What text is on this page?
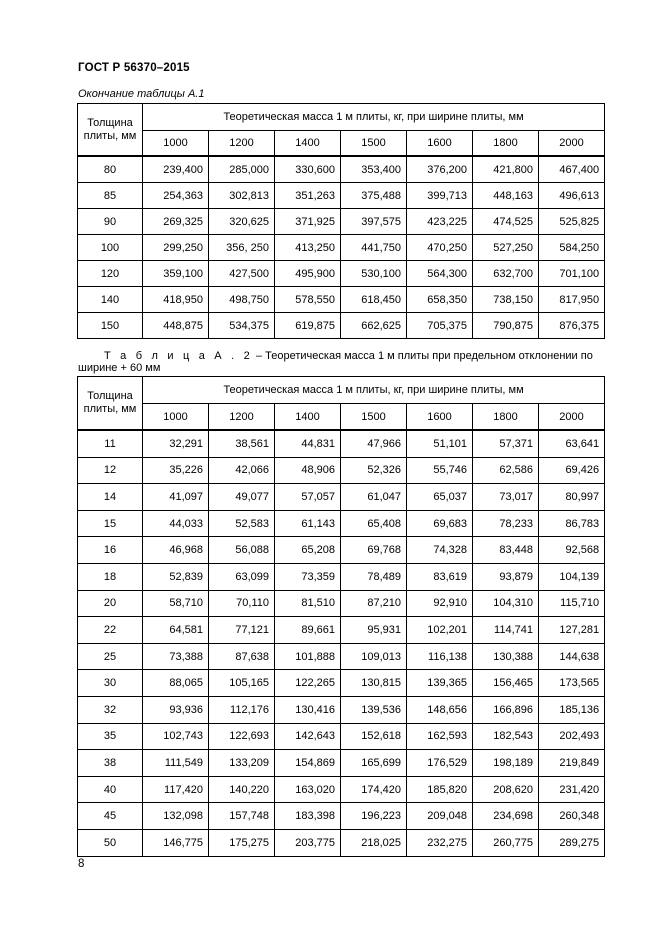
ГОСТ Р 56370–2015
Окончание таблицы А.1
Толщина плиты, мм	Теоретическая масса 1 м плиты, кг, при ширине плиты, мм						
	1000	1200	1400	1500	1600	1800	2000
80	239,400	285,000	330,600	353,400	376,200	421,800	467,400
85	254,363	302,813	351,263	375,488	399,713	448,163	496,613
90	269,325	320,625	371,925	397,575	423,225	474,525	525,825
100	299,250	356, 250	413,250	441,750	470,250	527,250	584,250
120	359,100	427,500	495,900	530,100	564,300	632,700	701,100
140	418,950	498,750	578,550	618,450	658,350	738,150	817,950
150	448,875	534,375	619,875	662,625	705,375	790,875	876,375
Т а б л и ц а А . 2 – Теоретическая масса 1 м плиты при предельном отклонении по ширине + 60 мм
Толщина плиты, мм	Теоретическая масса 1 м плиты, кг, при ширине плиты, мм						
	1000	1200	1400	1500	1600	1800	2000
11	32,291	38,561	44,831	47,966	51,101	57,371	63,641
12	35,226	42,066	48,906	52,326	55,746	62,586	69,426
14	41,097	49,077	57,057	61,047	65,037	73,017	80,997
15	44,033	52,583	61,143	65,408	69,683	78,233	86,783
16	46,968	56,088	65,208	69,768	74,328	83,448	92,568
18	52,839	63,099	73,359	78,489	83,619	93,879	104,139
20	58,710	70,110	81,510	87,210	92,910	104,310	115,710
22	64,581	77,121	89,661	95,931	102,201	114,741	127,281
25	73,388	87,638	101,888	109,013	116,138	130,388	144,638
30	88,065	105,165	122,265	130,815	139,365	156,465	173,565
32	93,936	112,176	130,416	139,536	148,656	166,896	185,136
35	102,743	122,693	142,643	152,618	162,593	182,543	202,493
38	111,549	133,209	154,869	165,699	176,529	198,189	219,849
40	117,420	140,220	163,020	174,420	185,820	208,620	231,420
45	132,098	157,748	183,398	196,223	209,048	234,698	260,348
50	146,775	175,275	203,775	218,025	232,275	260,775	289,275
8
